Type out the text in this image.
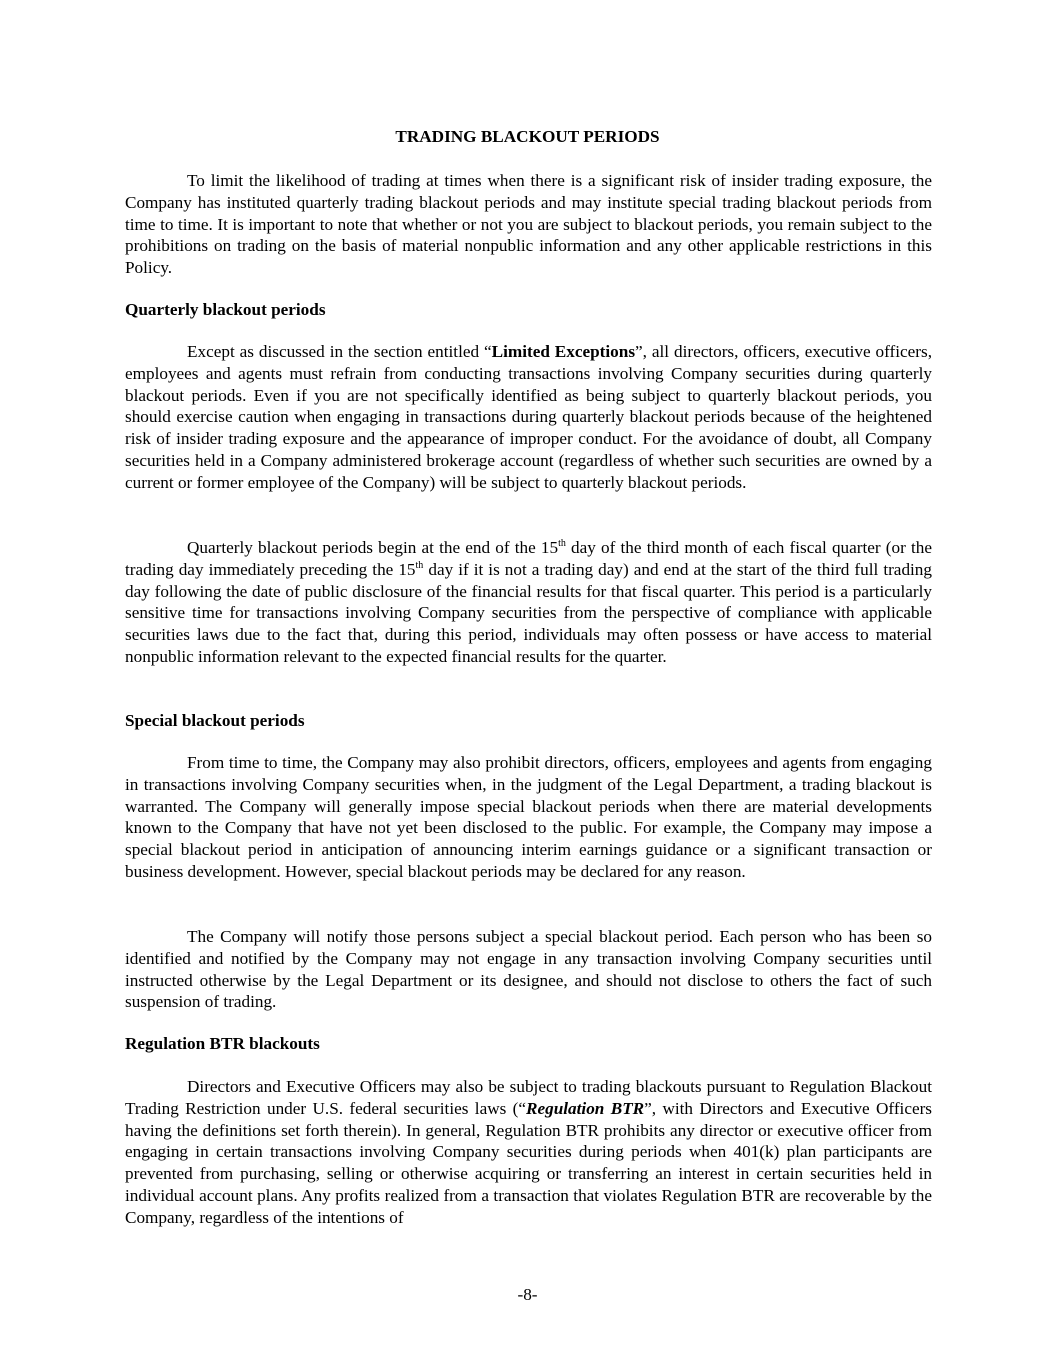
TRADING BLACKOUT PERIODS

To limit the likelihood of trading at times when there is a significant risk of insider trading exposure, the Company has instituted quarterly trading blackout periods and may institute special trading blackout periods from time to time. It is important to note that whether or not you are subject to blackout periods, you remain subject to the prohibitions on trading on the basis of material nonpublic information and any other applicable restrictions in this Policy.

Quarterly blackout periods

Except as discussed in the section entitled “Limited Exceptions”, all directors, officers, executive officers, employees and agents must refrain from conducting transactions involving Company securities during quarterly blackout periods. Even if you are not specifically identified as being subject to quarterly blackout periods, you should exercise caution when engaging in transactions during quarterly blackout periods because of the heightened risk of insider trading exposure and the appearance of improper conduct. For the avoidance of doubt, all Company securities held in a Company administered brokerage account (regardless of whether such securities are owned by a current or former employee of the Company) will be subject to quarterly blackout periods.

Quarterly blackout periods begin at the end of the 15th day of the third month of each fiscal quarter (or the trading day immediately preceding the 15th day if it is not a trading day) and end at the start of the third full trading day following the date of public disclosure of the financial results for that fiscal quarter. This period is a particularly sensitive time for transactions involving Company securities from the perspective of compliance with applicable securities laws due to the fact that, during this period, individuals may often possess or have access to material nonpublic information relevant to the expected financial results for the quarter.

Special blackout periods

From time to time, the Company may also prohibit directors, officers, employees and agents from engaging in transactions involving Company securities when, in the judgment of the Legal Department, a trading blackout is warranted. The Company will generally impose special blackout periods when there are material developments known to the Company that have not yet been disclosed to the public. For example, the Company may impose a special blackout period in anticipation of announcing interim earnings guidance or a significant transaction or business development. However, special blackout periods may be declared for any reason.

The Company will notify those persons subject a special blackout period. Each person who has been so identified and notified by the Company may not engage in any transaction involving Company securities until instructed otherwise by the Legal Department or its designee, and should not disclose to others the fact of such suspension of trading.

Regulation BTR blackouts

Directors and Executive Officers may also be subject to trading blackouts pursuant to Regulation Blackout Trading Restriction under U.S. federal securities laws (“Regulation BTR”, with Directors and Executive Officers having the definitions set forth therein). In general, Regulation BTR prohibits any director or executive officer from engaging in certain transactions involving Company securities during periods when 401(k) plan participants are prevented from purchasing, selling or otherwise acquiring or transferring an interest in certain securities held in individual account plans. Any profits realized from a transaction that violates Regulation BTR are recoverable by the Company, regardless of the intentions of

-8-
